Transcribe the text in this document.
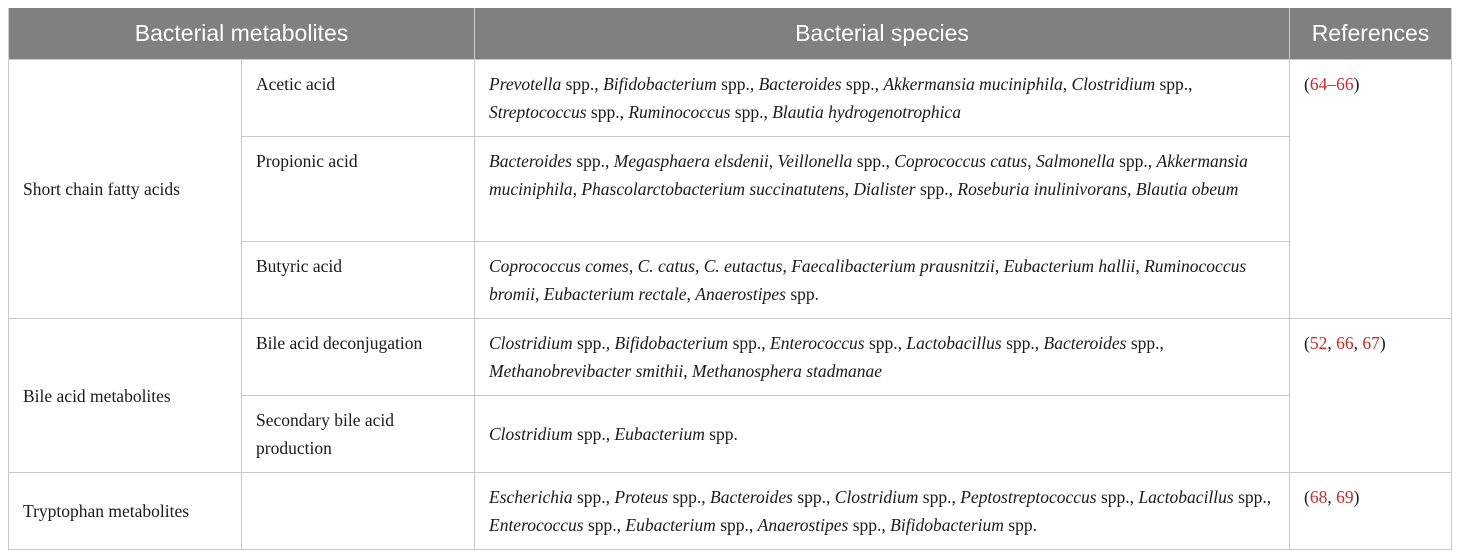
Bacterial metabolites		Bacterial species	References
Short chain fatty acids	Acetic acid	Prevotella spp., Bifidobacterium spp., Bacteroides spp., Akkermansia muciniphila, Clostridium spp., Streptococcus spp., Ruminococcus spp., Blautia hydrogenotrophica	(64–66)
	Propionic acid	Bacteroides spp., Megasphaera elsdenii, Veillonella spp., Coprococcus catus, Salmonella spp., Akkermansia muciniphila, Phascolarctobacterium succinatutens, Dialister spp., Roseburia inulinivorans, Blautia obeum	
	Butyric acid	Coprococcus comes, C. catus, C. eutactus, Faecalibacterium prausnitzii, Eubacterium hallii, Ruminococcus bromii, Eubacterium rectale, Anaerostipes spp.	
Bile acid metabolites	Bile acid deconjugation	Clostridium spp., Bifidobacterium spp., Enterococcus spp., Lactobacillus spp., Bacteroides spp., Methanobrevibacter smithii, Methanosphera stadmanae	(52, 66, 67)
	Secondary bile acid production	Clostridium spp., Eubacterium spp.	
Tryptophan metabolites		Escherichia spp., Proteus spp., Bacteroides spp., Clostridium spp., Peptostreptococcus spp., Lactobacillus spp., Enterococcus spp., Eubacterium spp., Anaerostipes spp., Bifidobacterium spp.	(68, 69)
